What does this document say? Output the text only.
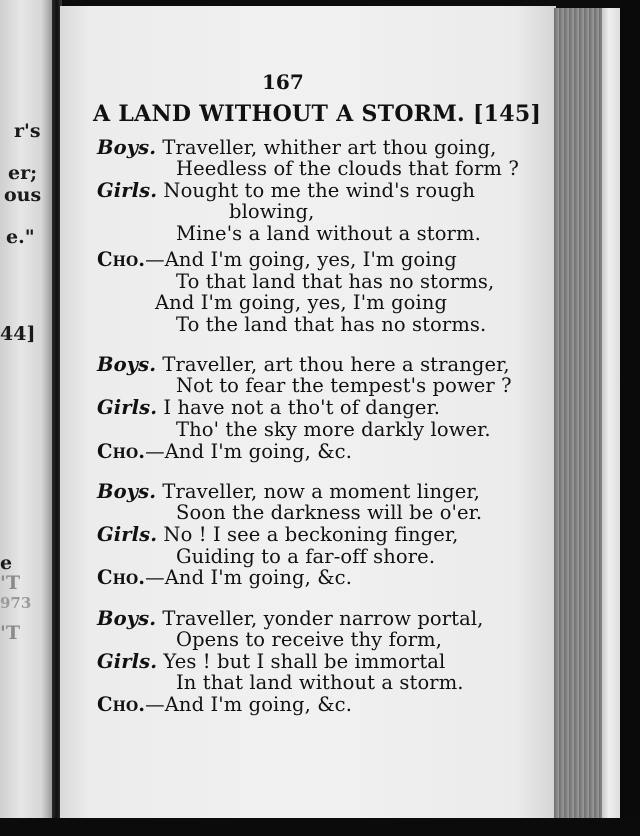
r's
er;
ous
e."
44]
e
'T
973
'T
167
A LAND WITHOUT A STORM. [145]
Boys. Traveller, whither art thou going,
Heedless of the clouds that form ?
Girls. Nought to me the wind's rough
blowing,
Mine's a land without a storm.
Cho.—And I'm going, yes, I'm going
To that land that has no storms,
And I'm going, yes, I'm going
To the land that has no storms.
Boys. Traveller, art thou here a stranger,
Not to fear the tempest's power ?
Girls. I have not a tho't of danger.
Tho' the sky more darkly lower.
Cho.—And I'm going, &c.
Boys. Traveller, now a moment linger,
Soon the darkness will be o'er.
Girls. No ! I see a beckoning finger,
Guiding to a far-off shore.
Cho.—And I'm going, &c.
Boys. Traveller, yonder narrow portal,
Opens to receive thy form,
Girls. Yes ! but I shall be immortal
In that land without a storm.
Cho.—And I'm going, &c.
